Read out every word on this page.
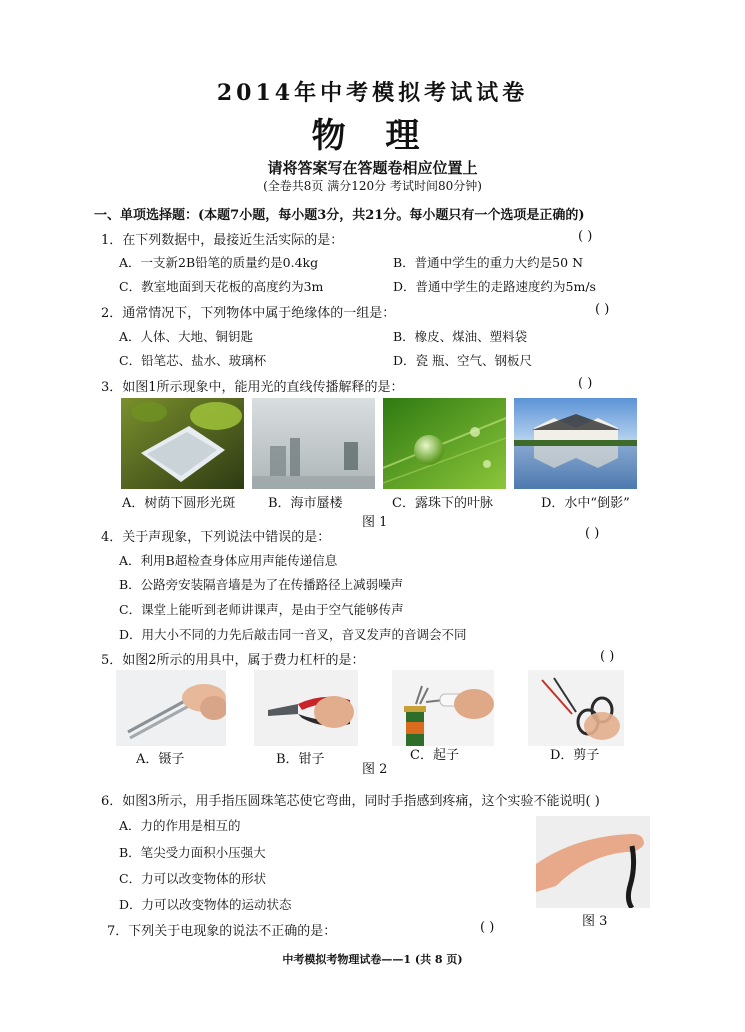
2014年中考模拟考试试卷
物 理
请将答案写在答题卷相应位置上
(全卷共8页 满分120分 考试时间80分钟)
一、单项选择题：(本题7小题，每小题3分，共21分。每小题只有一个选项是正确的)
1．在下列数据中，最接近生活实际的是：	( )
A．一支新2B铅笔的质量约是0.4kg	B．普通中学生的重力大约是50 N
C．教室地面到天花板的高度约为3m	D．普通中学生的走路速度约为5m/s
2．通常情况下，下列物体中属于绝缘体的一组是：	( )
A．人体、大地、铜钥匙	B．橡皮、煤油、塑料袋
C．铅笔芯、盐水、玻璃杯	D．瓷 瓶、空气、钢板尺
3．如图1所示现象中，能用光的直线传播解释的是：	( )
A．树荫下圆形光斑	B．海市蜃楼	C．露珠下的叶脉	D．水中“倒影”
图 1
4．关于声现象，下列说法中错误的是：	( )
A．利用B超检查身体应用声能传递信息
B．公路旁安装隔音墙是为了在传播路径上减弱噪声
C．课堂上能听到老师讲课声，是由于空气能够传声
D．用大小不同的力先后敲击同一音叉，音叉发声的音调会不同
5．如图2所示的用具中，属于费力杠杆的是：	( )
A．镊子	B．钳子	C．起子	D．剪子
图 2
6．如图3所示，用手指压圆珠笔芯使它弯曲，同时手指感到疼痛，这个实验不能说明( )
A．力的作用是相互的
B．笔尖受力面积小压强大
C．力可以改变物体的形状
D．力可以改变物体的运动状态
图 3
7．下列关于电现象的说法不正确的是：	( )
中考模拟考物理试卷——1 (共 8 页)
